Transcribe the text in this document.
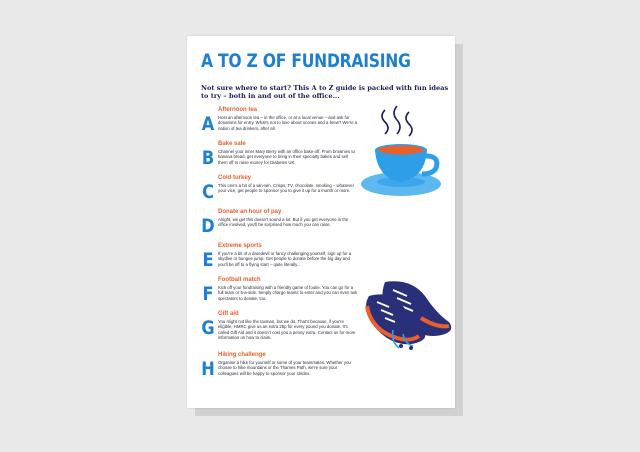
A TO Z OF FUNDRAISING
Not sure where to start? This A to Z guide is packed with fun ideas to try – both in and out of the office...
A
Afternoon tea
Host an afternoon tea – in the office, or at a local venue – and ask for donations for entry. What's not to love about scones and a brew? We're a nation of tea drinkers, after all.
B
Bake sale
Channel your inner Mary Berry with an office bake-off. From brownies to banana bread, get everyone to bring in their specialty bakes and sell them off to raise money for Diabetes UK.
C
Cold turkey
This one's a bit of a win-win. Crisps, TV, chocolate, smoking – whatever your vice, get people to sponsor you to give it up for a month or more.
D
Donate an hour of pay
Alright, we get this doesn't sound a lot. But if you get everyone in the office involved, you'll be surprised how much you can raise.
E
Extreme sports
If you're a bit of a daredevil or fancy challenging yourself, sign up for a skydive or bungee jump. Get people to donate before the big day and you'll be off to a flying start – quite literally...
F
Football match
Kick off your fundraising with a friendly game of footie. You can go for a full team or 5-a-side. Simply charge teams to enter and you can even ask spectators to donate, too.
G
Gift aid
You might not like the taxman, but we do. That's because, if you're eligible, HMRC give us an extra 25p for every pound you donate. It's called Gift Aid and it doesn't cost you a penny extra. Contact us for more information on how to claim.
H
Hiking challenge
Organise a hike for yourself or some of your teammates. Whether you choose to hike mountains or the Thames Path, we're sure your colleagues will be happy to sponsor your strides.
